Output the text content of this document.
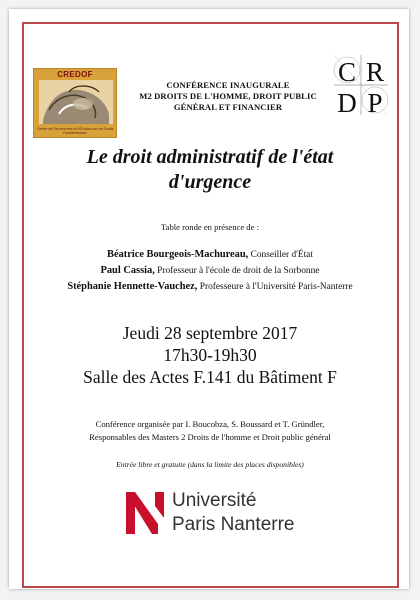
CREDOF
Centre de Recherches et d'Études sur les Droits Fondamentaux
CONFÉRENCE INAUGURALE
M2 DROITS DE L'HOMME, DROIT PUBLIC
GÉNÉRAL ET FINANCIER
C R
D P
Le droit administratif de l'état
d'urgence
Table ronde en présence de :
Béatrice Bourgeois-Machureau, Conseiller d'État
Paul Cassia, Professeur à l'école de droit de la Sorbonne
Stéphanie Hennette-Vauchez, Professeure à l'Université Paris-Nanterre
Jeudi 28 septembre 2017
17h30-19h30
Salle des Actes F.141 du Bâtiment F
Conférence organisée par I. Boucobza, S. Boussard et T. Gründler,
Responsables des Masters 2 Droits de l'homme et Droit public général
Entrée libre et gratuite (dans la limite des places disponibles)
Université
Paris Nanterre
